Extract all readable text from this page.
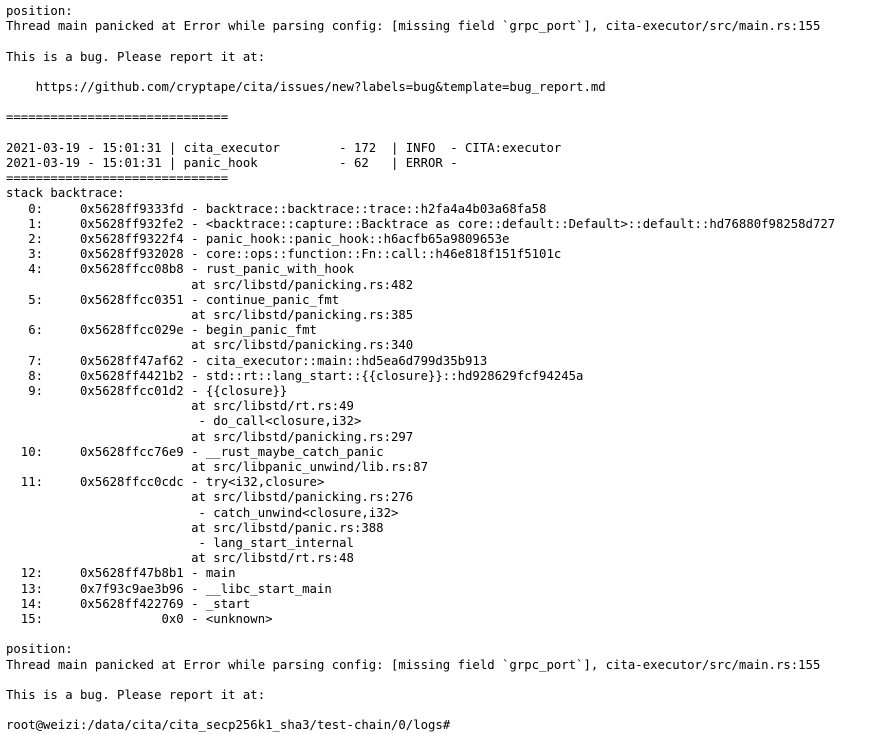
position:
Thread main panicked at Error while parsing config: [missing field `grpc_port`], cita-executor/src/main.rs:155
This is a bug. Please report it at:
https://github.com/cryptape/cita/issues/new?labels=bug&template=bug_report.md
==============================
2021-03-19 - 15:01:31 | cita_executor        - 172  | INFO  - CITA:executor
2021-03-19 - 15:01:31 | panic_hook           - 62   | ERROR -
==============================
stack backtrace:
0:     0x5628ff9333fd - backtrace::backtrace::trace::h2fa4a4b03a68fa58
1:     0x5628ff932fe2 - <backtrace::capture::Backtrace as core::default::Default>::default::hd76880f98258d727
2:     0x5628ff9322f4 - panic_hook::panic_hook::h6acfb65a9809653e
3:     0x5628ff932028 - core::ops::function::Fn::call::h46e818f151f5101c
4:     0x5628ffcc08b8 - rust_panic_with_hook
at src/libstd/panicking.rs:482
5:     0x5628ffcc0351 - continue_panic_fmt
at src/libstd/panicking.rs:385
6:     0x5628ffcc029e - begin_panic_fmt
at src/libstd/panicking.rs:340
7:     0x5628ff47af62 - cita_executor::main::hd5ea6d799d35b913
8:     0x5628ff4421b2 - std::rt::lang_start::{{closure}}::hd928629fcf94245a
9:     0x5628ffcc01d2 - {{closure}}
at src/libstd/rt.rs:49
- do_call<closure,i32>
at src/libstd/panicking.rs:297
10:     0x5628ffcc76e9 - __rust_maybe_catch_panic
at src/libpanic_unwind/lib.rs:87
11:     0x5628ffcc0cdc - try<i32,closure>
at src/libstd/panicking.rs:276
- catch_unwind<closure,i32>
at src/libstd/panic.rs:388
- lang_start_internal
at src/libstd/rt.rs:48
12:     0x5628ff47b8b1 - main
13:     0x7f93c9ae3b96 - __libc_start_main
14:     0x5628ff422769 - _start
15:                0x0 - <unknown>
position:
Thread main panicked at Error while parsing config: [missing field `grpc_port`], cita-executor/src/main.rs:155
This is a bug. Please report it at:
root@weizi:/data/cita/cita_secp256k1_sha3/test-chain/0/logs#
